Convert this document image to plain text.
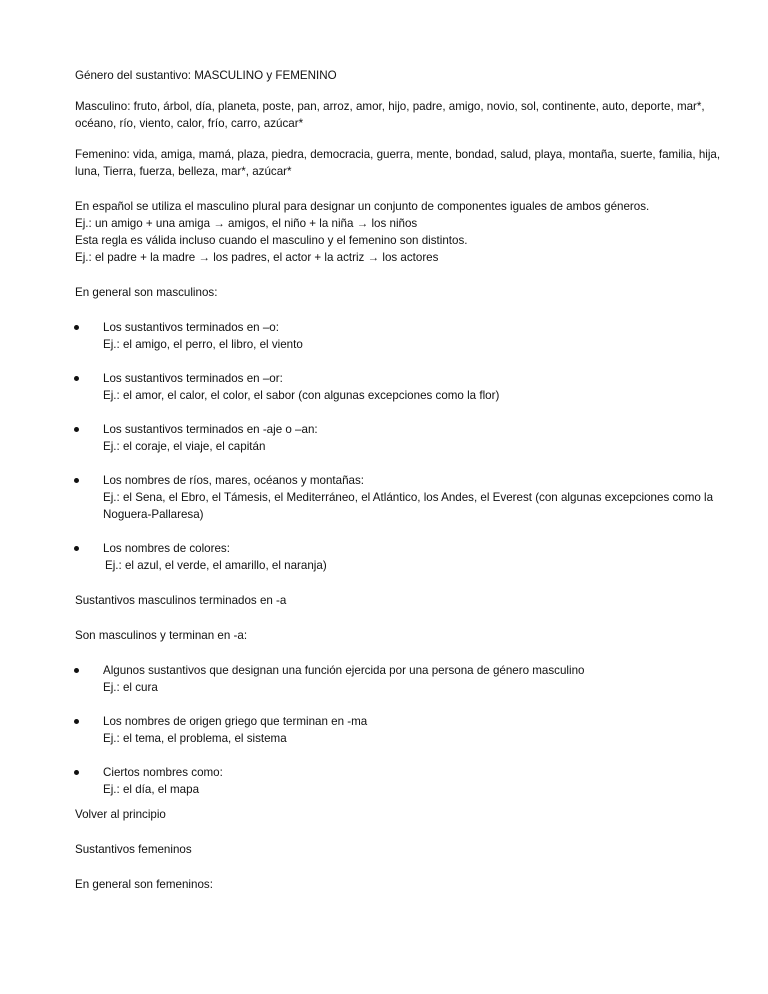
Género del sustantivo: MASCULINO y FEMENINO

Masculino: fruto, árbol, día, planeta, poste, pan, arroz, amor, hijo, padre, amigo, novio, sol, continente, auto, deporte, mar*, océano, río, viento, calor, frío, carro, azúcar*

Femenino: vida, amiga, mamá, plaza, piedra, democracia, guerra, mente, bondad, salud, playa, montaña, suerte, familia, hija, luna, Tierra, fuerza, belleza, mar*, azúcar*

En español se utiliza el masculino plural para designar un conjunto de componentes iguales de ambos géneros.

Ej.: un amigo + una amiga → amigos, el niño + la niña → los niños

Esta regla es válida incluso cuando el masculino y el femenino son distintos.

Ej.: el padre + la madre → los padres, el actor + la actriz → los actores

En general son masculinos:

Los sustantivos terminados en –o:

Ej.: el amigo, el perro, el libro, el viento

Los sustantivos terminados en –or:

Ej.: el amor, el calor, el color, el sabor (con algunas excepciones como la flor)

Los sustantivos terminados en -aje o –an:

Ej.: el coraje, el viaje, el capitán

Los nombres de ríos, mares, océanos y montañas:

Ej.: el Sena, el Ebro, el Támesis, el Mediterráneo, el Atlántico, los Andes, el Everest (con algunas excepciones como la Noguera-Pallaresa)

Los nombres de colores:

Ej.: el azul, el verde, el amarillo, el naranja)

Sustantivos masculinos terminados en -a

Son masculinos y terminan en -a:

Algunos sustantivos que designan una función ejercida por una persona de género masculino

Ej.: el cura

Los nombres de origen griego que terminan en -ma

Ej.: el tema, el problema, el sistema

Ciertos nombres como:

Ej.: el día, el mapa

Volver al principio

Sustantivos femeninos

En general son femeninos:
